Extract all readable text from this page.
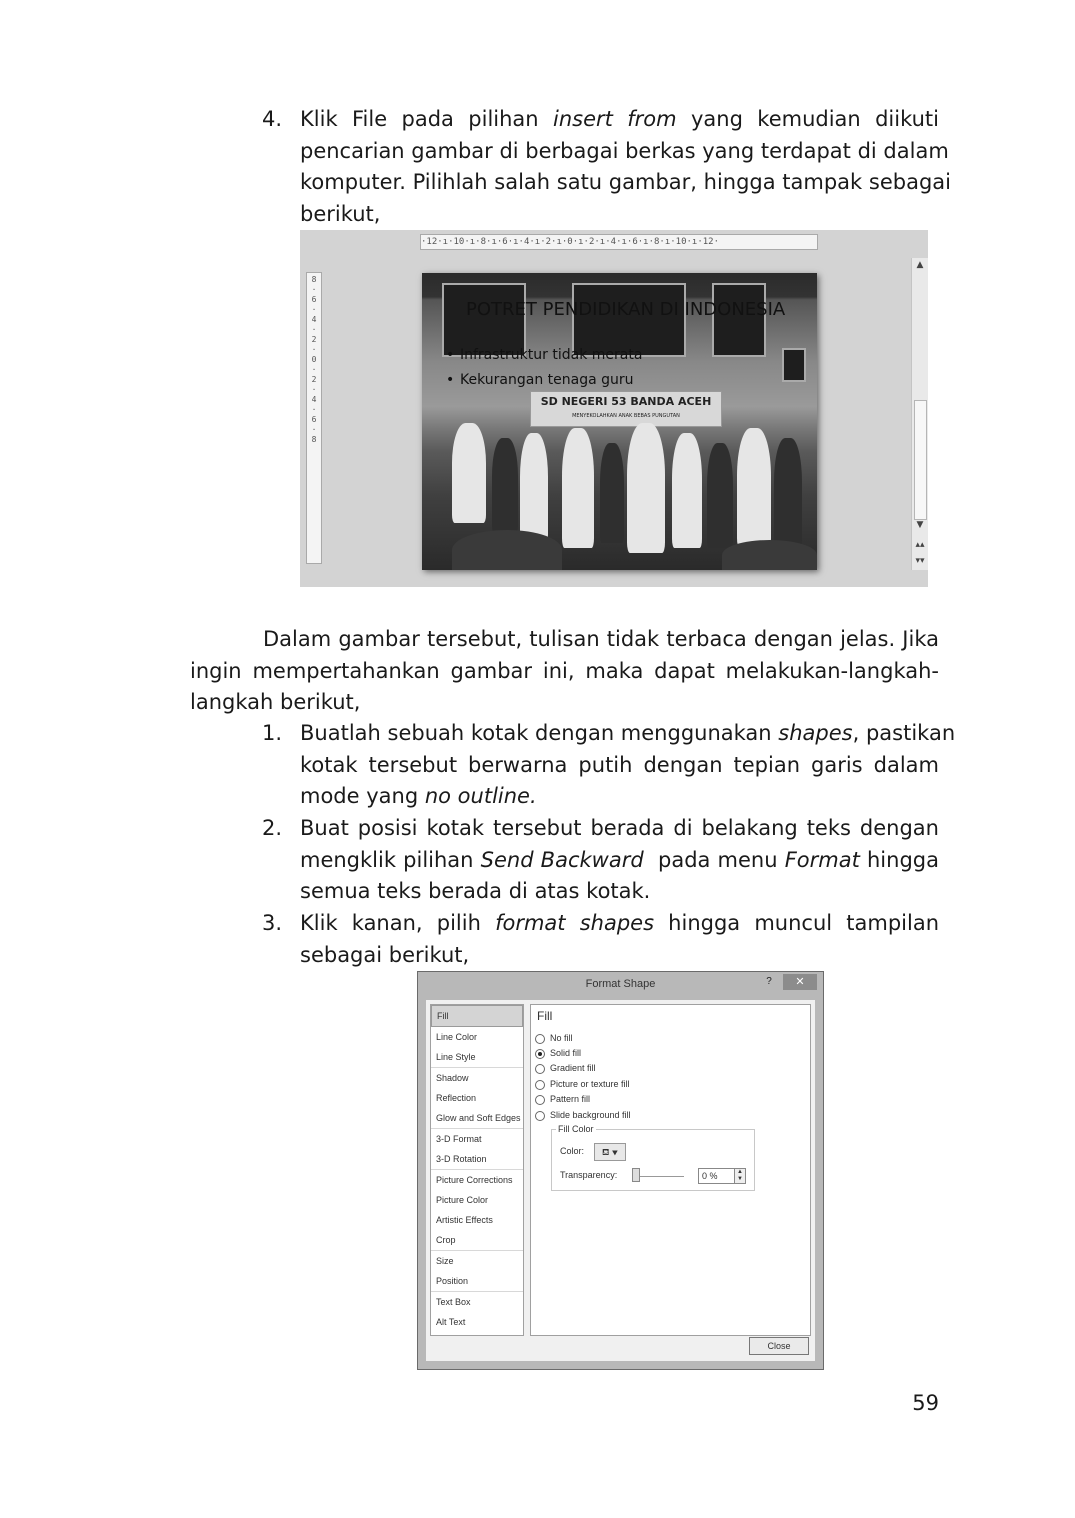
4. Klik File pada pilihan insert from yang kemudian diikuti
pencarian gambar di berbagai berkas yang terdapat di dalam
komputer. Pilihlah salah satu gambar, hingga tampak sebagai
berikut,
·12·ı·10·ı·8·ı·6·ı·4·ı·2·ı·0·ı·2·ı·4·ı·6·ı·8·ı·10·ı·12·
8 · 6 · 4 · 2 · 0 · 2 · 4 · 6 · 8
▲
▼
▴▴
▾▾
SD NEGERI 53 BANDA ACEH
MENYEKOLAHKAN ANAK BEBAS PUNGUTAN
POTRET PENDIDIKAN DI INDONESIA
• Infrastruktur tidak merata
• Kekurangan tenaga guru
Dalam gambar tersebut, tulisan tidak terbaca dengan jelas. Jika
ingin mempertahankan gambar ini, maka dapat melakukan-langkah-
langkah berikut,
1. Buatlah sebuah kotak dengan menggunakan shapes, pastikan
kotak tersebut berwarna putih dengan tepian garis dalam
mode yang no outline.
2. Buat posisi kotak tersebut berada di belakang teks dengan
mengklik pilihan Send Backward  pada menu Format hingga
semua teks berada di atas kotak.
3. Klik kanan, pilih format shapes hingga muncul tampilan
sebagai berikut,
Format Shape	?	✕
Fill
Line Color
Line Style
Shadow
Reflection
Glow and Soft Edges
3-D Format
3-D Rotation
Picture Corrections
Picture Color
Artistic Effects
Crop
Size
Position
Text Box
Alt Text
Fill
No fill
Solid fill
Gradient fill
Picture or texture fill
Pattern fill
Slide background fill
Fill Color
Color:	⛾ ▾
Transparency:	0 %	▲
▼
Close
59
